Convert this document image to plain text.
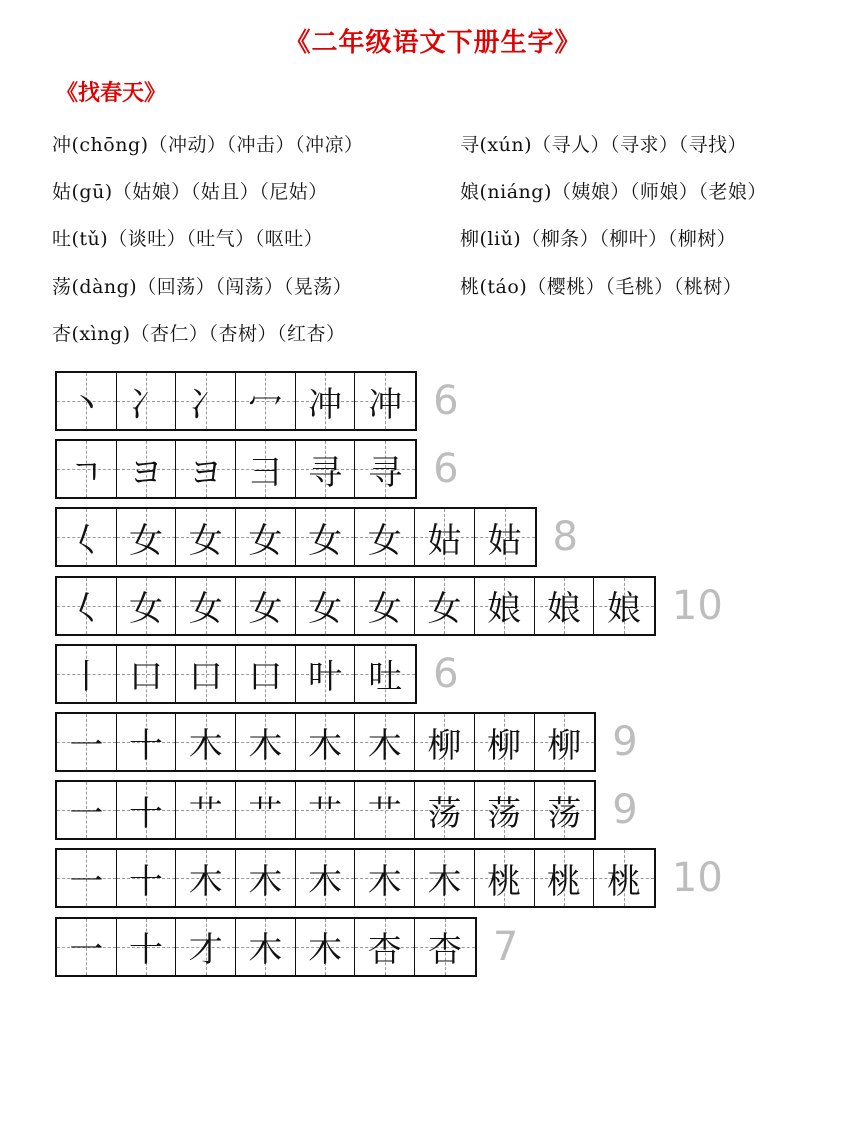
《二年级语文下册生字》
《找春天》
冲(chōng)（冲动）（冲击）（冲凉）	寻(xún)（寻人）（寻求）（寻找）
姑(gū)（姑娘）（姑且）（尼姑）	娘(niáng)（姨娘）（师娘）（老娘）
吐(tǔ)（谈吐）（吐气）（呕吐）	柳(liǔ)（柳条）（柳叶）（柳树）
荡(dàng)（回荡）（闯荡）（晃荡）	桃(táo)（樱桃）（毛桃）（桃树）
杏(xìng)（杏仁）（杏树）（红杏）
丶 冫 冫 冖 冲 冲 6
ㄱ ヨ ヨ 彐 寻 寻 6
𡿨 女 女 女 女 女 姑 姑 8
𡿨 女 女 女 女 女 女 娘 娘 娘 10
丨 口 口 口 叶 吐 6
一 十 木 木 木 木 柳 柳 柳 9
一 十 艹 艹 艹 艹 荡 荡 荡 9
一 十 木 木 木 木 木 桃 桃 桃 10
一 十 才 木 木 杏 杏 7
